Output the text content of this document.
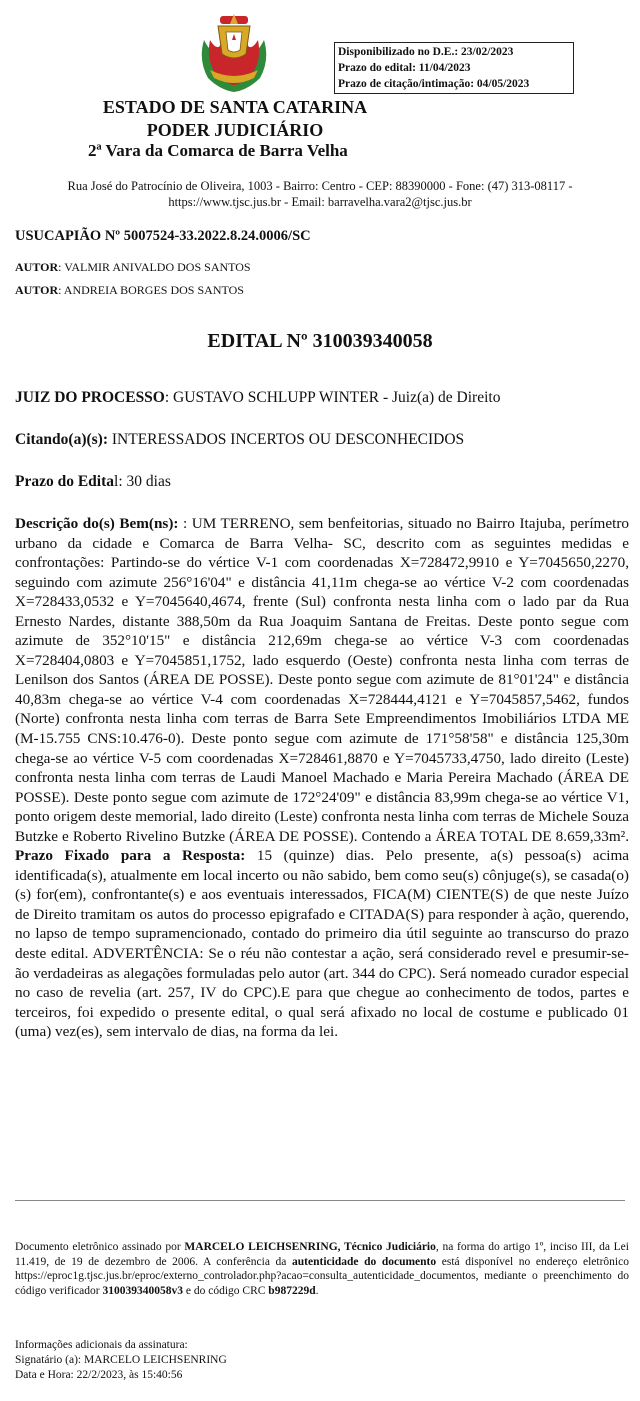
Disponibilizado no D.E.: 23/02/2023
Prazo do edital: 11/04/2023
Prazo de citação/intimação: 04/05/2023
ESTADO DE SANTA CATARINA
PODER JUDICIÁRIO
2ª Vara da Comarca de Barra Velha
Rua José do Patrocínio de Oliveira, 1003 - Bairro: Centro - CEP: 88390000 - Fone: (47) 313-08117 -
https://www.tjsc.jus.br - Email: barravelha.vara2@tjsc.jus.br
USUCAPIÃO Nº 5007524-33.2022.8.24.0006/SC
AUTOR: VALMIR ANIVALDO DOS SANTOS
AUTOR: ANDREIA BORGES DOS SANTOS
EDITAL Nº 310039340058
JUIZ DO PROCESSO: GUSTAVO SCHLUPP WINTER - Juiz(a) de Direito
Citando(a)(s): INTERESSADOS INCERTOS OU DESCONHECIDOS
Prazo do Edital: 30 dias
Descrição do(s) Bem(ns): : UM TERRENO, sem benfeitorias, situado no Bairro Itajuba, perímetro urbano da cidade e Comarca de Barra Velha- SC, descrito com as seguintes medidas e confrontações: Partindo-se do vértice V-1 com coordenadas X=728472,9910 e Y=7045650,2270, seguindo com azimute 256°16'04" e distância 41,11m chega-se ao vértice V-2 com coordenadas X=728433,0532 e Y=7045640,4674, frente (Sul) confronta nesta linha com o lado par da Rua Ernesto Nardes, distante 388,50m da Rua Joaquim Santana de Freitas. Deste ponto segue com azimute de 352°10'15" e distância 212,69m chega-se ao vértice V-3 com coordenadas X=728404,0803 e Y=7045851,1752, lado esquerdo (Oeste) confronta nesta linha com terras de Lenilson dos Santos (ÁREA DE POSSE). Deste ponto segue com azimute de 81°01'24" e distância 40,83m chega-se ao vértice V-4 com coordenadas X=728444,4121 e Y=7045857,5462, fundos (Norte) confronta nesta linha com terras de Barra Sete Empreendimentos Imobiliários LTDA ME (M-15.755 CNS:10.476-0). Deste ponto segue com azimute de 171°58'58" e distância 125,30m chega-se ao vértice V-5 com coordenadas X=728461,8870 e Y=7045733,4750, lado direito (Leste) confronta nesta linha com terras de Laudi Manoel Machado e Maria Pereira Machado (ÁREA DE POSSE). Deste ponto segue com azimute de 172°24'09" e distância 83,99m chega-se ao vértice V1, ponto origem deste memorial, lado direito (Leste) confronta nesta linha com terras de Michele Souza Butzke e Roberto Rivelino Butzke (ÁREA DE POSSE). Contendo a ÁREA TOTAL DE 8.659,33m². Prazo Fixado para a Resposta: 15 (quinze) dias. Pelo presente, a(s) pessoa(s) acima identificada(s), atualmente em local incerto ou não sabido, bem como seu(s) cônjuge(s), se casada(o)(s) for(em), confrontante(s) e aos eventuais interessados, FICA(M) CIENTE(S) de que neste Juízo de Direito tramitam os autos do processo epigrafado e CITADA(S) para responder à ação, querendo, no lapso de tempo supramencionado, contado do primeiro dia útil seguinte ao transcurso do prazo deste edital. ADVERTÊNCIA: Se o réu não contestar a ação, será considerado revel e presumir-se-ão verdadeiras as alegações formuladas pelo autor (art. 344 do CPC). Será nomeado curador especial no caso de revelia (art. 257, IV do CPC).E para que chegue ao conhecimento de todos, partes e terceiros, foi expedido o presente edital, o qual será afixado no local de costume e publicado 01 (uma) vez(es), sem intervalo de dias, na forma da lei.
Documento eletrônico assinado por MARCELO LEICHSENRING, Técnico Judiciário, na forma do artigo 1º, inciso III, da Lei 11.419, de 19 de dezembro de 2006. A conferência da autenticidade do documento está disponível no endereço eletrônico https://eproc1g.tjsc.jus.br/eproc/externo_controlador.php?acao=consulta_autenticidade_documentos, mediante o preenchimento do código verificador 310039340058v3 e do código CRC b987229d.
Informações adicionais da assinatura:
Signatário (a): MARCELO LEICHSENRING
Data e Hora: 22/2/2023, às 15:40:56
